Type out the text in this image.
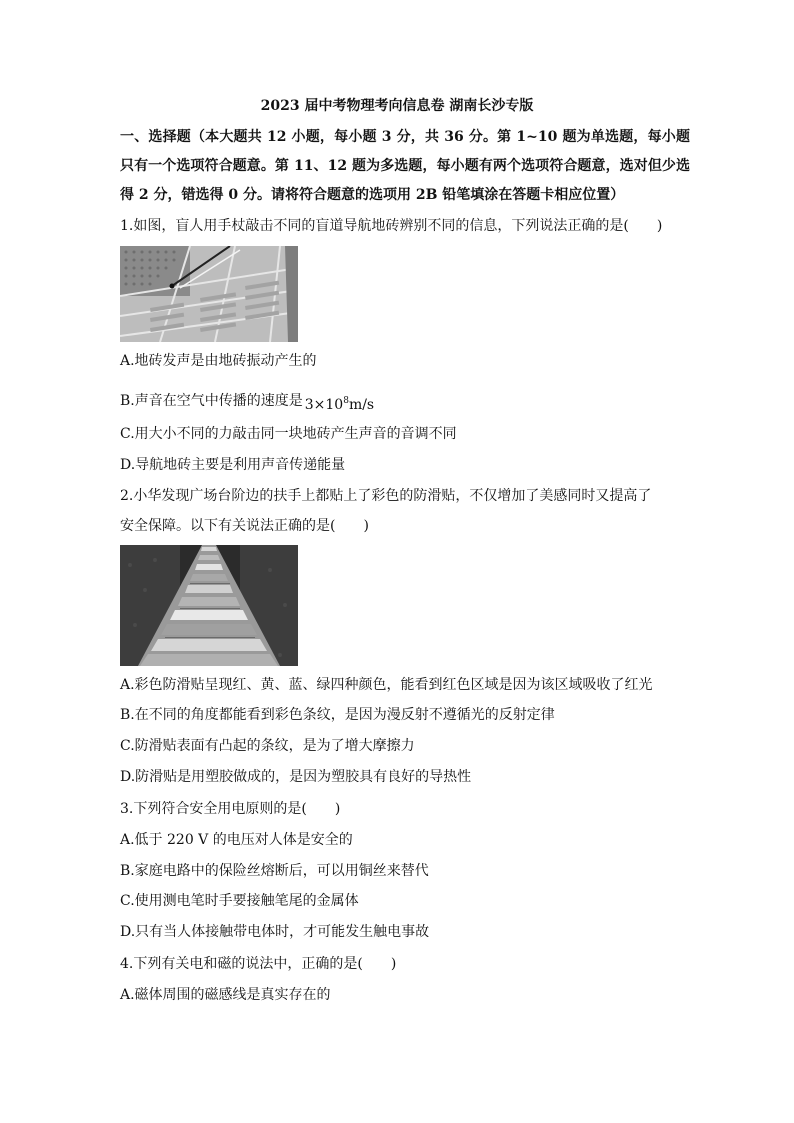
2023 届中考物理考向信息卷 湖南长沙专版
一、选择题（本大题共 12 小题，每小题 3 分，共 36 分。第 1~10 题为单选题，每小题只有一个选项符合题意。第 11、12 题为多选题，每小题有两个选项符合题意，选对但少选得 2 分，错选得 0 分。请将符合题意的选项用 2B 铅笔填涂在答题卡相应位置）
1.如图，盲人用手杖敲击不同的盲道导航地砖辨别不同的信息，下列说法正确的是(　　)
A.地砖发声是由地砖振动产生的
B.声音在空气中传播的速度是 $3\times 10^8m/s$
C.用大小不同的力敲击同一块地砖产生声音的音调不同
D.导航地砖主要是利用声音传递能量
2.小华发现广场台阶边的扶手上都贴上了彩色的防滑贴，不仅增加了美感同时又提高了
安全保障。以下有关说法正确的是(　　)
A.彩色防滑贴呈现红、黄、蓝、绿四种颜色，能看到红色区域是因为该区域吸收了红光
B.在不同的角度都能看到彩色条纹，是因为漫反射不遵循光的反射定律
C.防滑贴表面有凸起的条纹，是为了增大摩擦力
D.防滑贴是用塑胶做成的，是因为塑胶具有良好的导热性
3.下列符合安全用电原则的是(　　)
A.低于 220 V 的电压对人体是安全的
B.家庭电路中的保险丝熔断后，可以用铜丝来替代
C.使用测电笔时手要接触笔尾的金属体
D.只有当人体接触带电体时，才可能发生触电事故
4.下列有关电和磁的说法中，正确的是(　　)
A.磁体周围的磁感线是真实存在的
